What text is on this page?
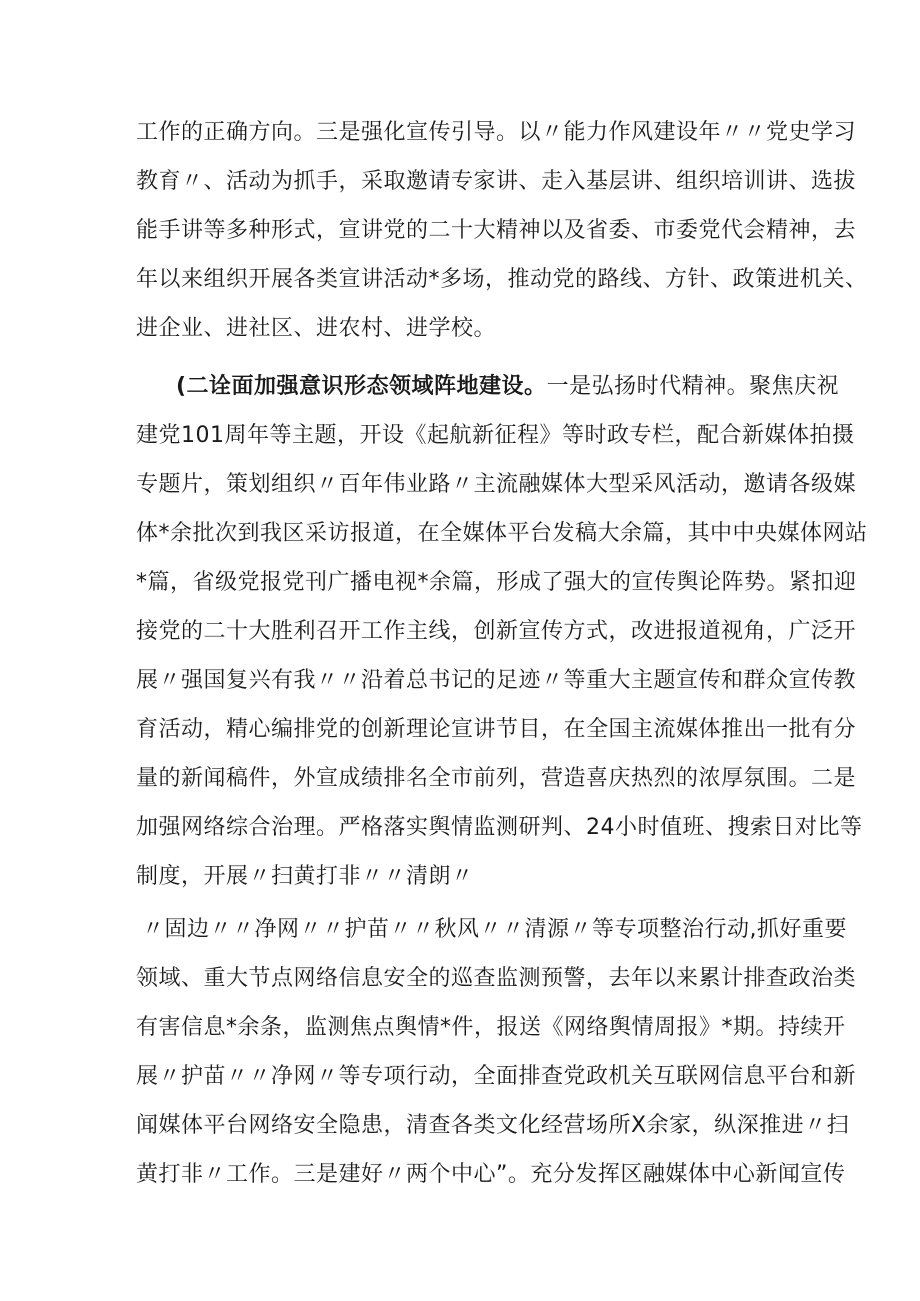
工作的正确方向。三是强化宣传引导。以〃能力作风建设年〃〃党史学习
教育〃、活动为抓手，采取邀请专家讲、走入基层讲、组织培训讲、选拔
能手讲等多种形式，宣讲党的二十大精神以及省委、市委党代会精神，去
年以来组织开展各类宣讲活动*多场，推动党的路线、方针、政策进机关、
进企业、进社区、进农村、进学校。
(二诠面加强意识形态领域阵地建设。一是弘扬时代精神。聚焦庆祝
建党101周年等主题，开设《起航新征程》等时政专栏，配合新媒体拍摄
专题片，策划组织〃百年伟业路〃主流融媒体大型采风活动，邀请各级媒
体*余批次到我区采访报道，在全媒体平台发稿大余篇，其中中央媒体网站
*篇，省级党报党刊广播电视*余篇，形成了强大的宣传舆论阵势。紧扣迎
接党的二十大胜利召开工作主线，创新宣传方式，改进报道视角，广泛开
展〃强国复兴有我〃〃沿着总书记的足迹〃等重大主题宣传和群众宣传教
育活动，精心编排党的创新理论宣讲节目，在全国主流媒体推出一批有分
量的新闻稿件，外宣成绩排名全市前列，营造喜庆热烈的浓厚氛围。二是
加强网络综合治理。严格落实舆情监测研判、24小时值班、搜索日对比等
制度，开展〃扫黄打非〃〃清朗〃
〃固边〃〃净网〃〃护苗〃〃秋风〃〃清源〃等专项整治行动,抓好重要
领域、重大节点网络信息安全的巡查监测预警，去年以来累计排查政治类
有害信息*余条，监测焦点舆情*件，报送《网络舆情周报》*期。持续开
展〃护苗〃〃净网〃等专项行动，全面排查党政机关互联网信息平台和新
闻媒体平台网络安全隐患，清查各类文化经营场所X余家，纵深推进〃扫
黄打非〃工作。三是建好〃两个中心”。充分发挥区融媒体中心新闻宣传
